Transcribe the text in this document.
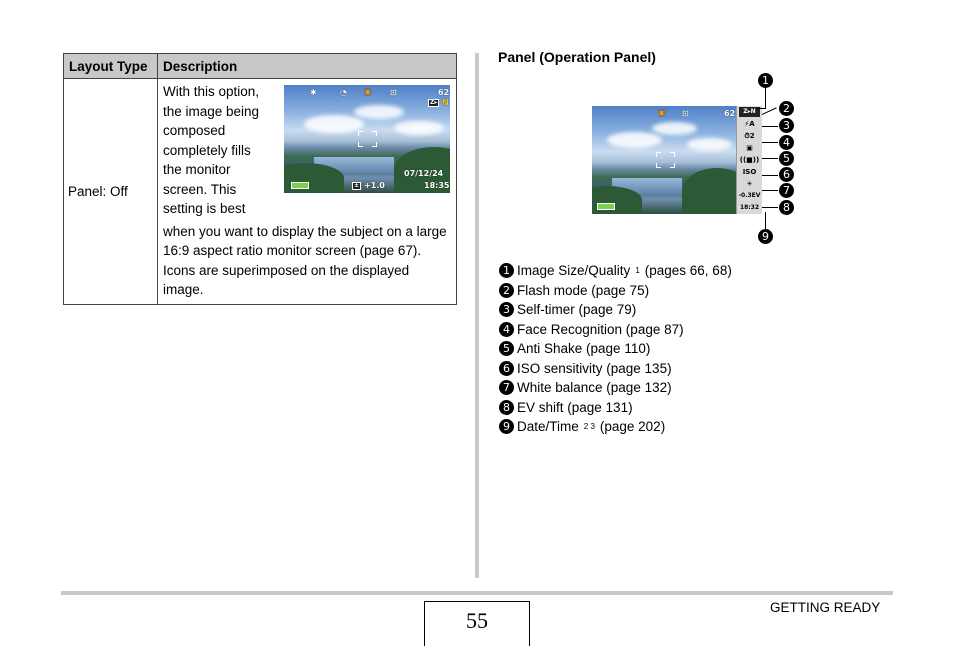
Layout Type	Description
Panel: Off	With this option, the image being composed completely fills the monitor screen. This setting is best
when you want to display the subject on a large 16:9 aspect ratio monitor screen (page 67). Icons are superimposed on the displayed image.
✱	◔ ▣ ⊡	62
Z▸ N
07/12/24
± +1.0	18:35
Panel (Operation Panel)
▣ ⊡	62	Z▸N
⚡A
⏱2
▣
((■))
ISO
☀
-0.3EV
18:32
1
2
3
4
5
6
7
8
9
1 Image Size/Quality 1 (pages 66, 68)
2 Flash mode (page 75)
3 Self-timer (page 79)
4 Face Recognition (page 87)
5 Anti Shake (page 110)
6 ISO sensitivity (page 135)
7 White balance (page 132)
8 EV shift (page 131)
9 Date/Time 2 3 (page 202)
55
GETTING READY
